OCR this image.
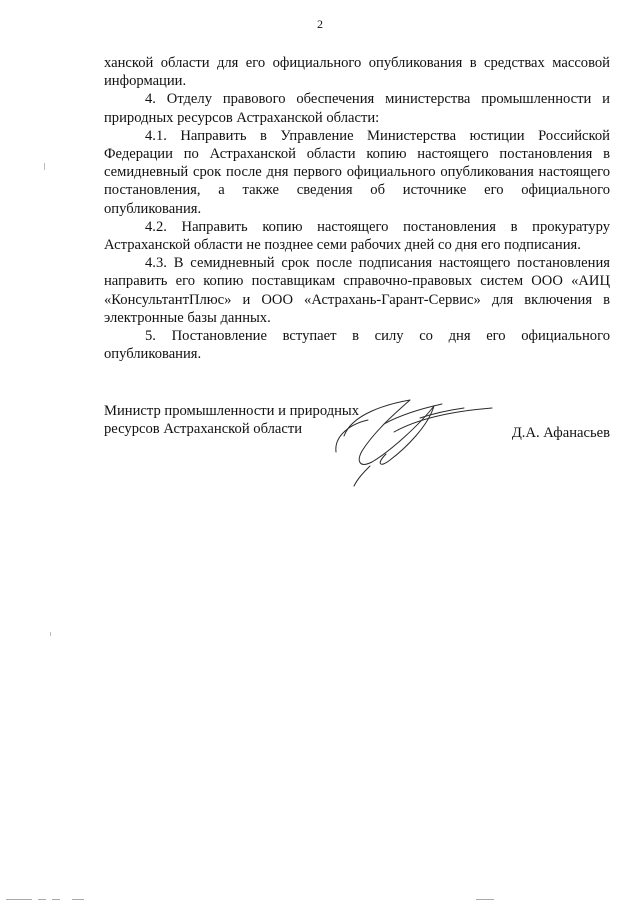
2

ханской области для его официального опубликования в средствах массовой информации.

4. Отделу правового обеспечения министерства промышленности и природных ресурсов Астраханской области:

4.1. Направить в Управление Министерства юстиции Российской Федерации по Астраханской области копию настоящего постановления в семидневный срок после дня первого официального опубликования настоящего постановления, а также сведения об источнике его официального опубликования.

4.2. Направить копию настоящего постановления в прокуратуру Астраханской области не позднее семи рабочих дней со дня его подписания.

4.3. В семидневный срок после подписания настоящего постановления направить его копию поставщикам справочно-правовых систем ООО «АИЦ «КонсультантПлюс» и ООО «Астрахань-Гарант-Сервис» для включения в электронные базы данных.

5. Постановление вступает в силу со дня его официального опубликования.

Министр промышленности и природных
ресурсов Астраханской области	Д.А. Афанасьев
